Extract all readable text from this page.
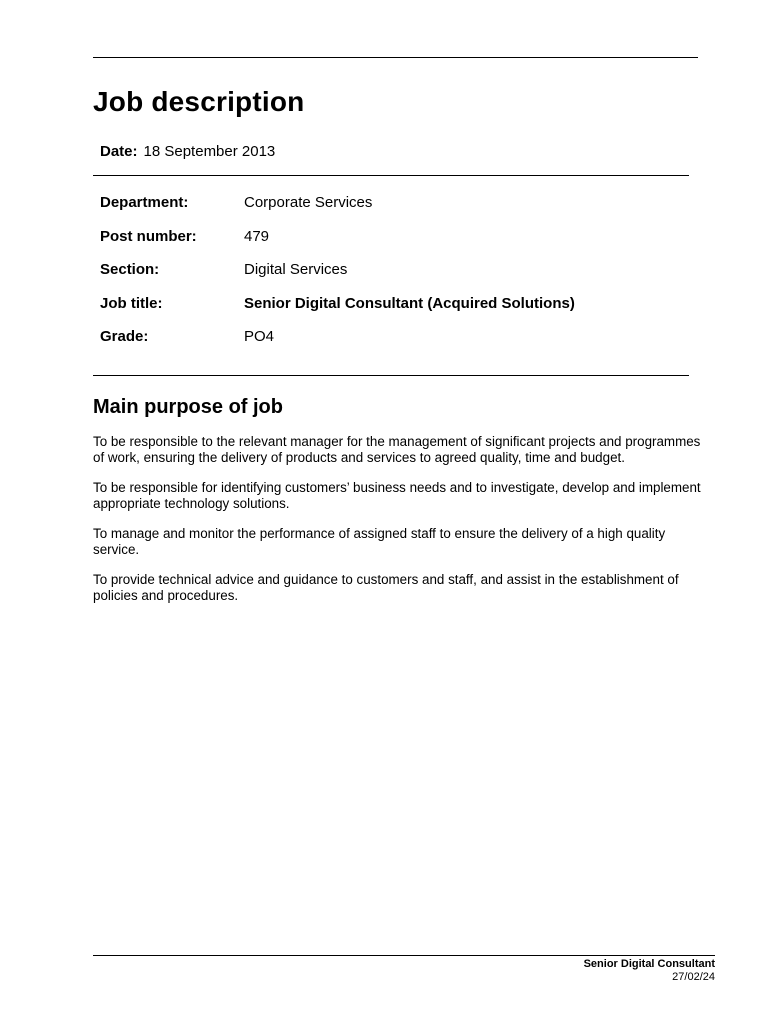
Job description
Date: 18 September 2013
Department:	Corporate Services
Post number:	479
Section:	Digital Services
Job title:	Senior Digital Consultant (Acquired Solutions)
Grade:	PO4
Main purpose of job

To be responsible to the relevant manager for the management of significant projects and programmes of work, ensuring the delivery of products and services to agreed quality, time and budget.

To be responsible for identifying customers’ business needs and to investigate, develop and implement appropriate technology solutions.

To manage and monitor the performance of assigned staff to ensure the delivery of a high quality service.

To provide technical advice and guidance to customers and staff, and assist in the establishment of policies and procedures.

Senior Digital Consultant
27/02/24
